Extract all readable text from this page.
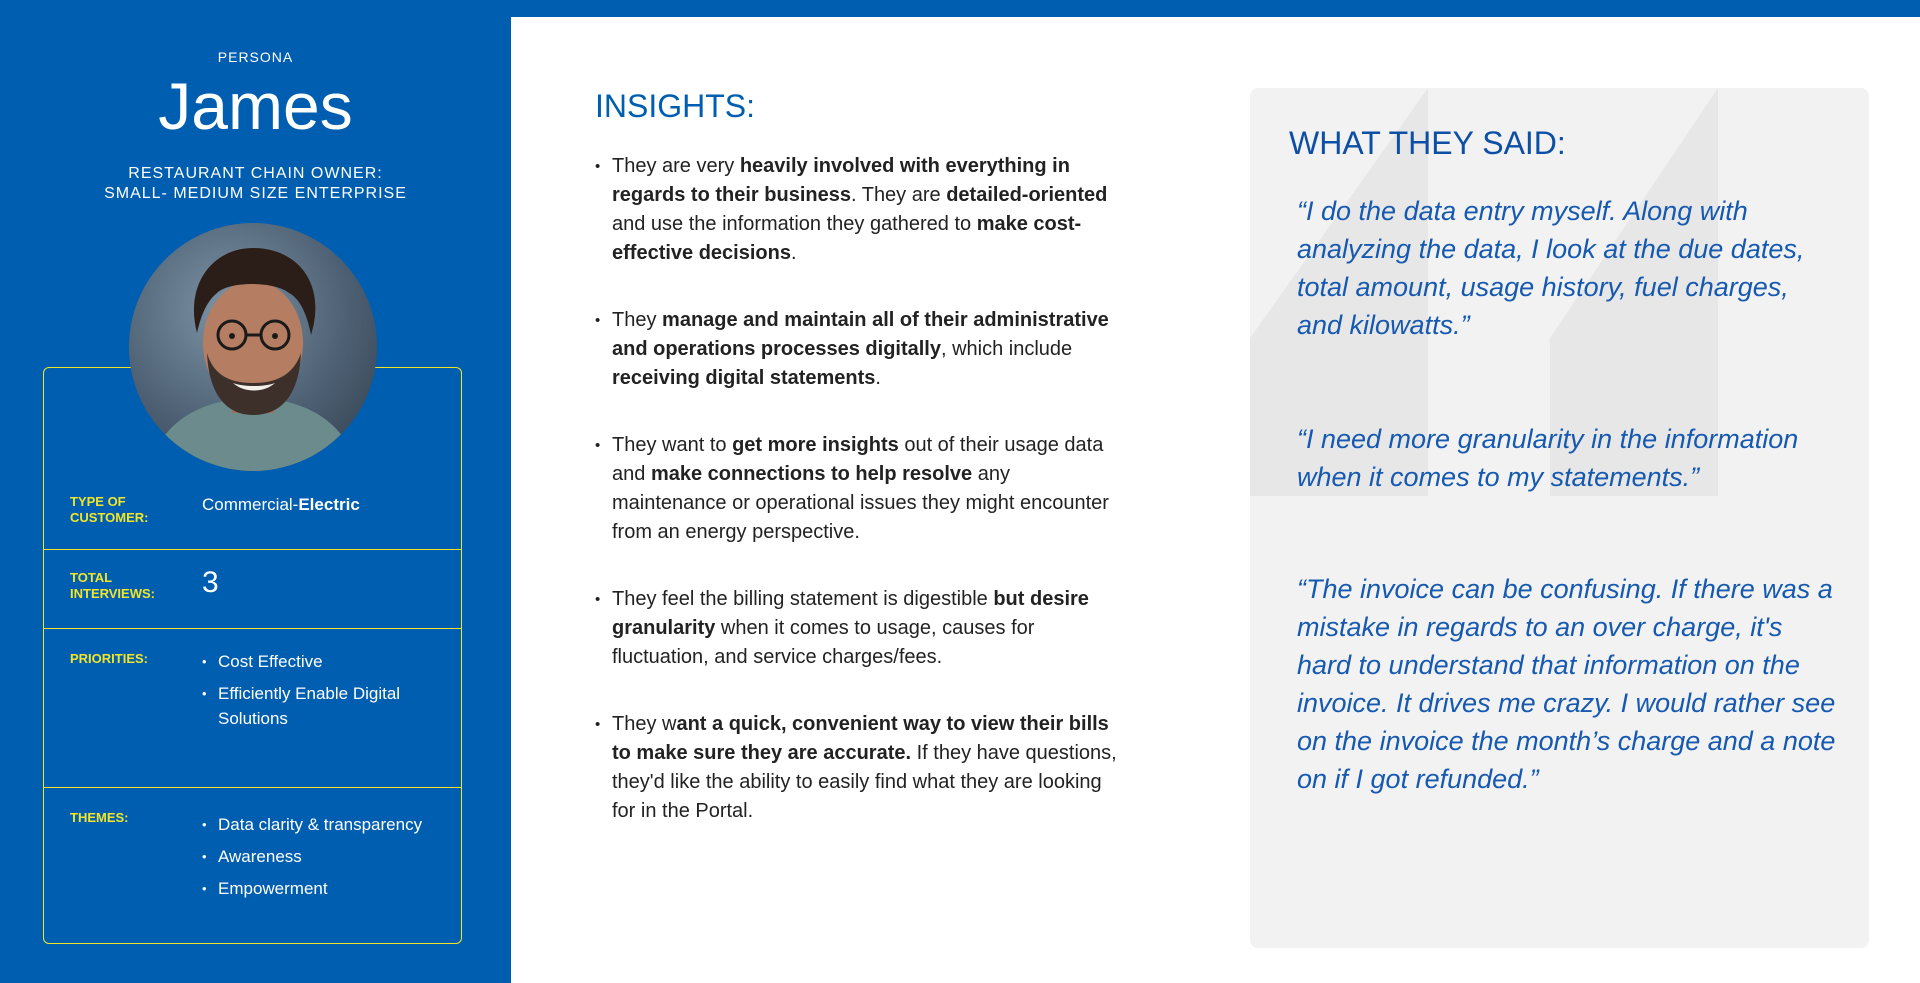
PERSONA
James
RESTAURANT CHAIN OWNER:
SMALL- MEDIUM SIZE ENTERPRISE
TYPE OF CUSTOMER:
Commercial-Electric
TOTAL INTERVIEWS:	3
PRIORITIES:	• Cost Effective
• Efficiently Enable Digital Solutions
THEMES:	• Data clarity & transparency
• Awareness
• Empowerment
INSIGHTS:
• They are very heavily involved with everything in regards to their business. They are detailed-oriented and use the information they gathered to make cost-effective decisions.
• They manage and maintain all of their administrative and operations processes digitally, which include receiving digital statements.
• They want to get more insights out of their usage data and make connections to help resolve any maintenance or operational issues they might encounter from an energy perspective.
• They feel the billing statement is digestible but desire granularity when it comes to usage, causes for fluctuation, and service charges/fees.
• They want a quick, convenient way to view their bills to make sure they are accurate. If they have questions, they'd like the ability to easily find what they are looking for in the Portal.
WHAT THEY SAID:
“I do the data entry myself. Along with analyzing the data, I look at the due dates, total amount, usage history, fuel charges, and kilowatts.”
“I need more granularity in the information when it comes to my statements.”
“The invoice can be confusing. If there was a mistake in regards to an over charge, it's hard to understand that information on the invoice. It drives me crazy. I would rather see on the invoice the month’s charge and a note on if I got refunded.”
